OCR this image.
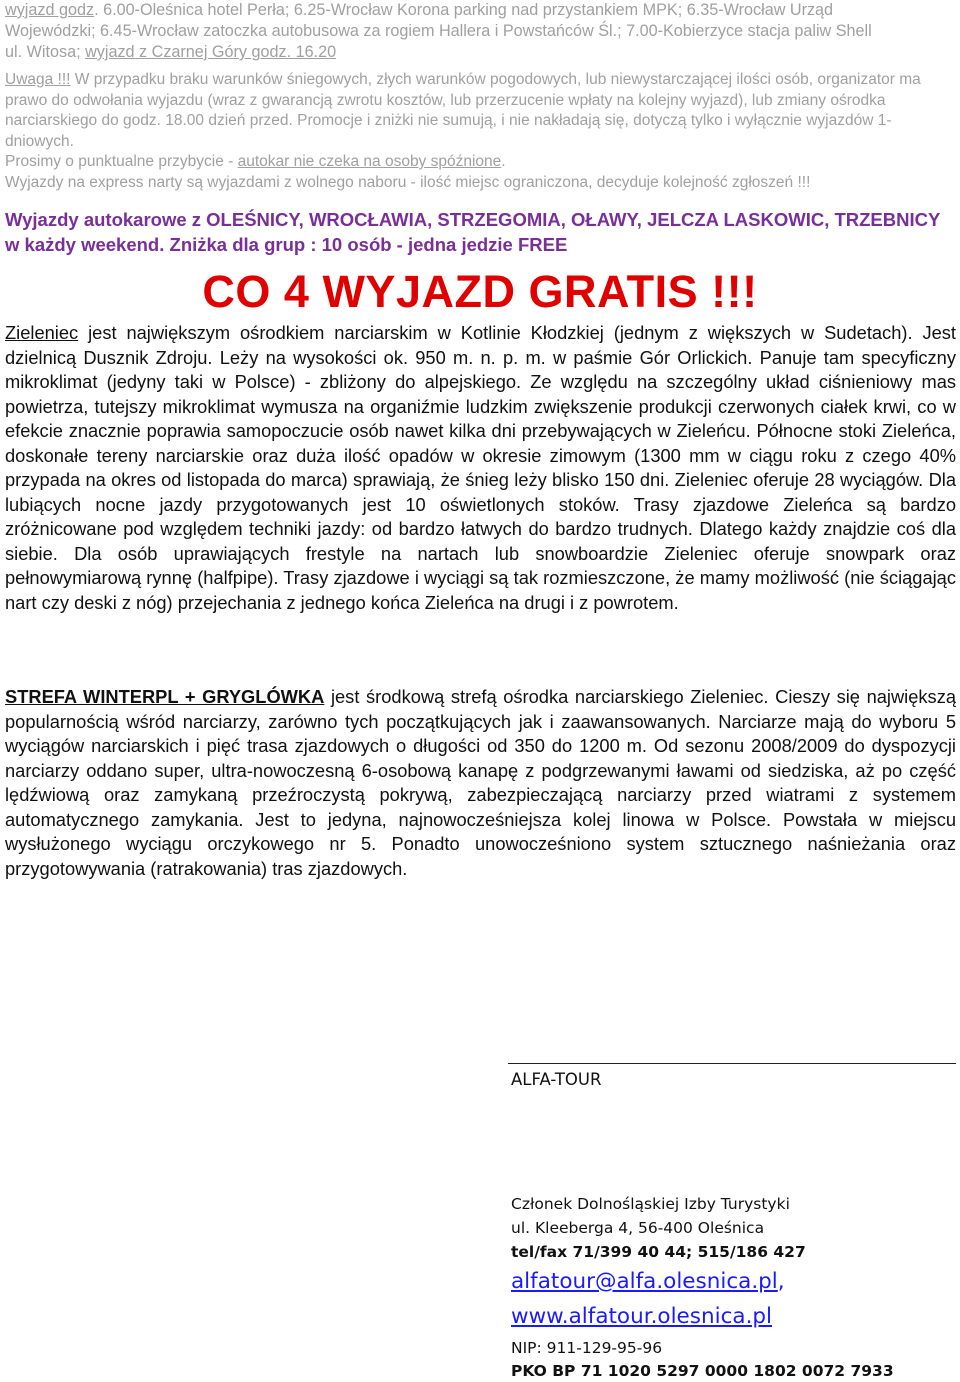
wyjazd godz. 6.00-Oleśnica hotel Perła; 6.25-Wrocław Korona parking nad przystankiem MPK; 6.35-Wrocław Urząd

Wojewódzki; 6.45-Wrocław zatoczka autobusowa za rogiem Hallera i Powstańców Śl.; 7.00-Kobierzyce stacja paliw Shell

ul. Witosa; wyjazd z Czarnej Góry godz. 16.20

Uwaga !!! W przypadku braku warunków śniegowych, złych warunków pogodowych, lub niewystarczającej ilości osób, organizator ma prawo do odwołania wyjazdu (wraz z gwarancją zwrotu kosztów, lub przerzucenie wpłaty na kolejny wyjazd), lub zmiany ośrodka narciarskiego do godz. 18.00 dzień przed. Promocje i zniżki nie sumują, i nie nakładają się, dotyczą tylko i wyłącznie wyjazdów 1-dniowych.

Prosimy o punktualne przybycie - autokar nie czeka na osoby spóźnione.

Wyjazdy na express narty są wyjazdami z wolnego naboru - ilość miejsc ograniczona, decyduje kolejność zgłoszeń !!!

Wyjazdy autokarowe z OLEŚNICY, WROCŁAWIA, STRZEGOMIA, OŁAWY, JELCZA LASKOWIC, TRZEBNICY w każdy weekend. Zniżka dla grup : 10 osób - jedna jedzie FREE
CO 4 WYJAZD GRATIS !!!

Zieleniec jest największym ośrodkiem narciarskim w Kotlinie Kłodzkiej (jednym z większych w Sudetach). Jest dzielnicą Dusznik Zdroju. Leży na wysokości ok. 950 m. n. p. m. w paśmie Gór Orlickich. Panuje tam specyficzny mikroklimat (jedyny taki w Polsce) - zbliżony do alpejskiego. Ze względu na szczególny układ ciśnieniowy mas powietrza, tutejszy mikroklimat wymusza na organiźmie ludzkim zwiększenie produkcji czerwonych ciałek krwi, co w efekcie znacznie poprawia samopoczucie osób nawet kilka dni przebywających w Zieleńcu. Północne stoki Zieleńca, doskonałe tereny narciarskie oraz duża ilość opadów w okresie zimowym (1300 mm w ciągu roku z czego 40% przypada na okres od listopada do marca) sprawiają, że śnieg leży blisko 150 dni. Zieleniec oferuje 28 wyciągów. Dla lubiących nocne jazdy przygotowanych jest 10 oświetlonych stoków. Trasy zjazdowe Zieleńca są bardzo zróżnicowane pod względem techniki jazdy: od bardzo łatwych do bardzo trudnych. Dlatego każdy znajdzie coś dla siebie. Dla osób uprawiających frestyle na nartach lub snowboardzie Zieleniec oferuje snowpark oraz pełnowymiarową rynnę (halfpipe). Trasy zjazdowe i wyciągi są tak rozmieszczone, że mamy możliwość (nie ściągając nart czy deski z nóg) przejechania z jednego końca Zieleńca na drugi i z powrotem.

STREFA WINTERPL + GRYGLÓWKA jest środkową strefą ośrodka narciarskiego Zieleniec. Cieszy się największą popularnością wśród narciarzy, zarówno tych początkujących jak i zaawansowanych. Narciarze mają do wyboru 5 wyciągów narciarskich i pięć trasa zjazdowych o długości od 350 do 1200 m. Od sezonu 2008/2009 do dyspozycji narciarzy oddano super, ultra-nowoczesną 6-osobową kanapę z podgrzewanymi ławami od siedziska, aż po część lędźwiową oraz zamykaną przeźroczystą pokrywą, zabezpieczającą narciarzy przed wiatrami z systemem automatycznego zamykania. Jest to jedyna, najnowocześniejsza kolej linowa w Polsce. Powstała w miejscu wysłużonego wyciągu orczykowego nr 5. Ponadto unowocześniono system sztucznego naśnieżania oraz przygotowywania (ratrakowania) tras zjazdowych.

ALFA-TOUR
Członek Dolnośląskiej Izby Turystyki
ul. Kleeberga 4, 56-400 Oleśnica
tel/fax 71/399 40 44; 515/186 427
alfatour@alfa.olesnica.pl,
www.alfatour.olesnica.pl
NIP: 911-129-95-96
PKO BP 71 1020 5297 0000 1802 0072 7933
